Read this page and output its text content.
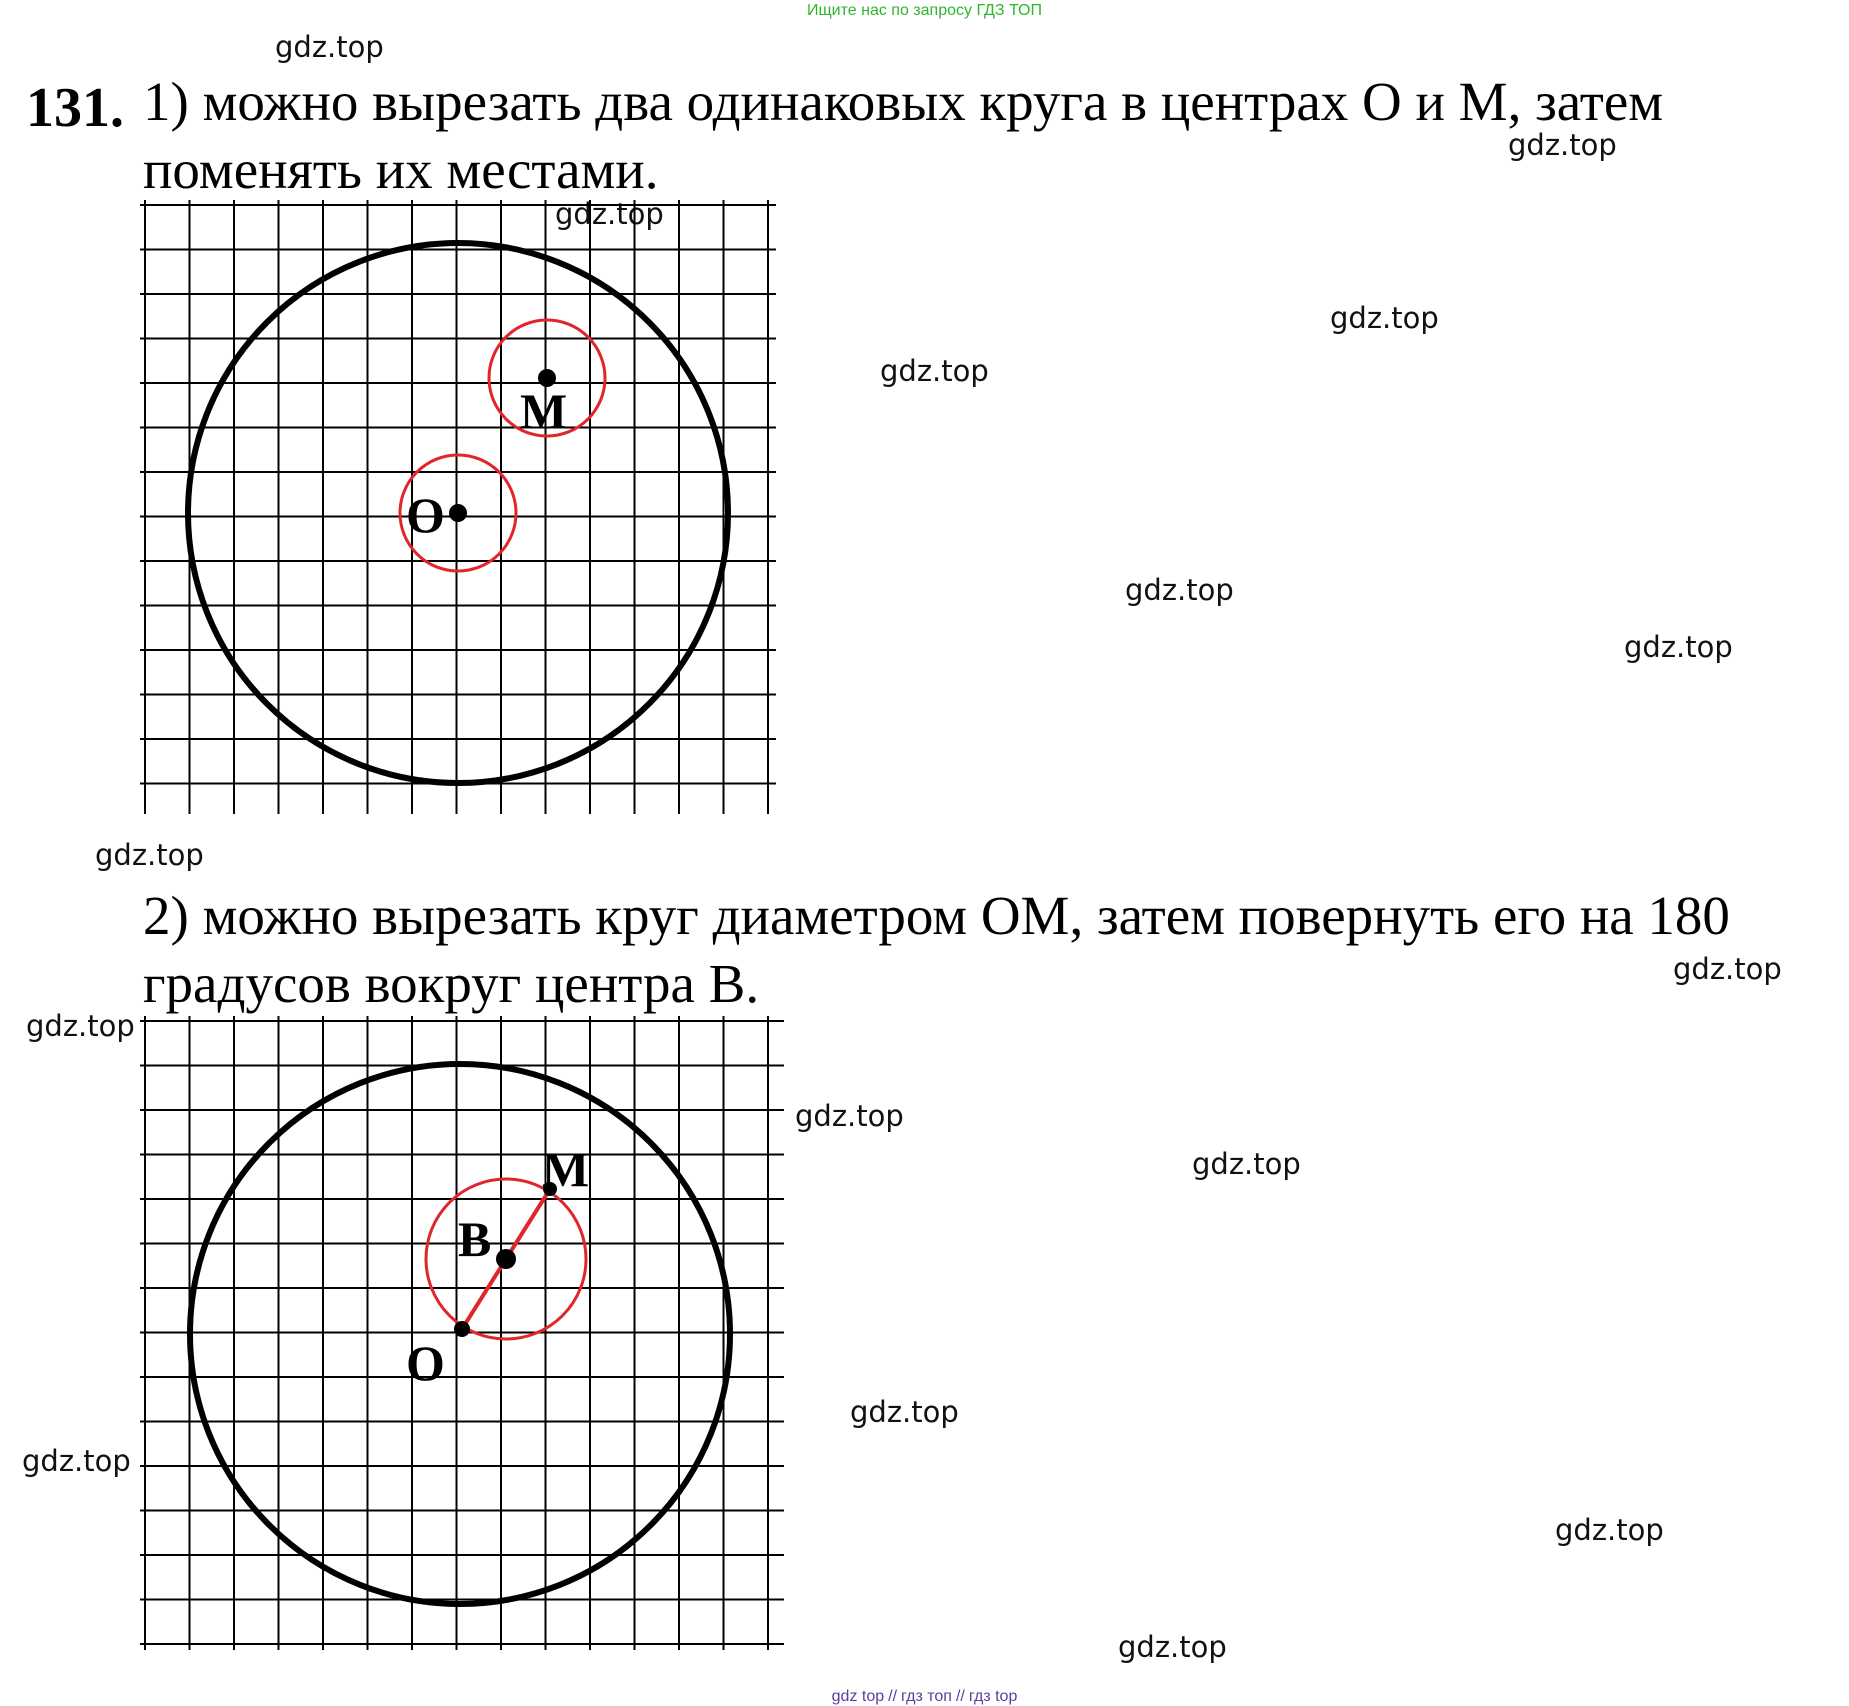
Ищите нас по запросу ГДЗ ТОП
gdz.top
gdz.top
gdz.top
gdz.top
gdz.top
gdz.top
gdz.top
gdz.top
gdz.top
gdz.top
gdz.top
gdz.top
gdz.top
gdz.top
gdz.top
gdz.top
131. 1) можно вырезать два одинаковых круга в центрах О и М, затем
поменять их местами.
2) можно вырезать круг диаметром ОМ, затем повернуть его на 180
градусов вокруг центра В.
O
M
O
B
M
gdz top // гдз топ // гдз top
